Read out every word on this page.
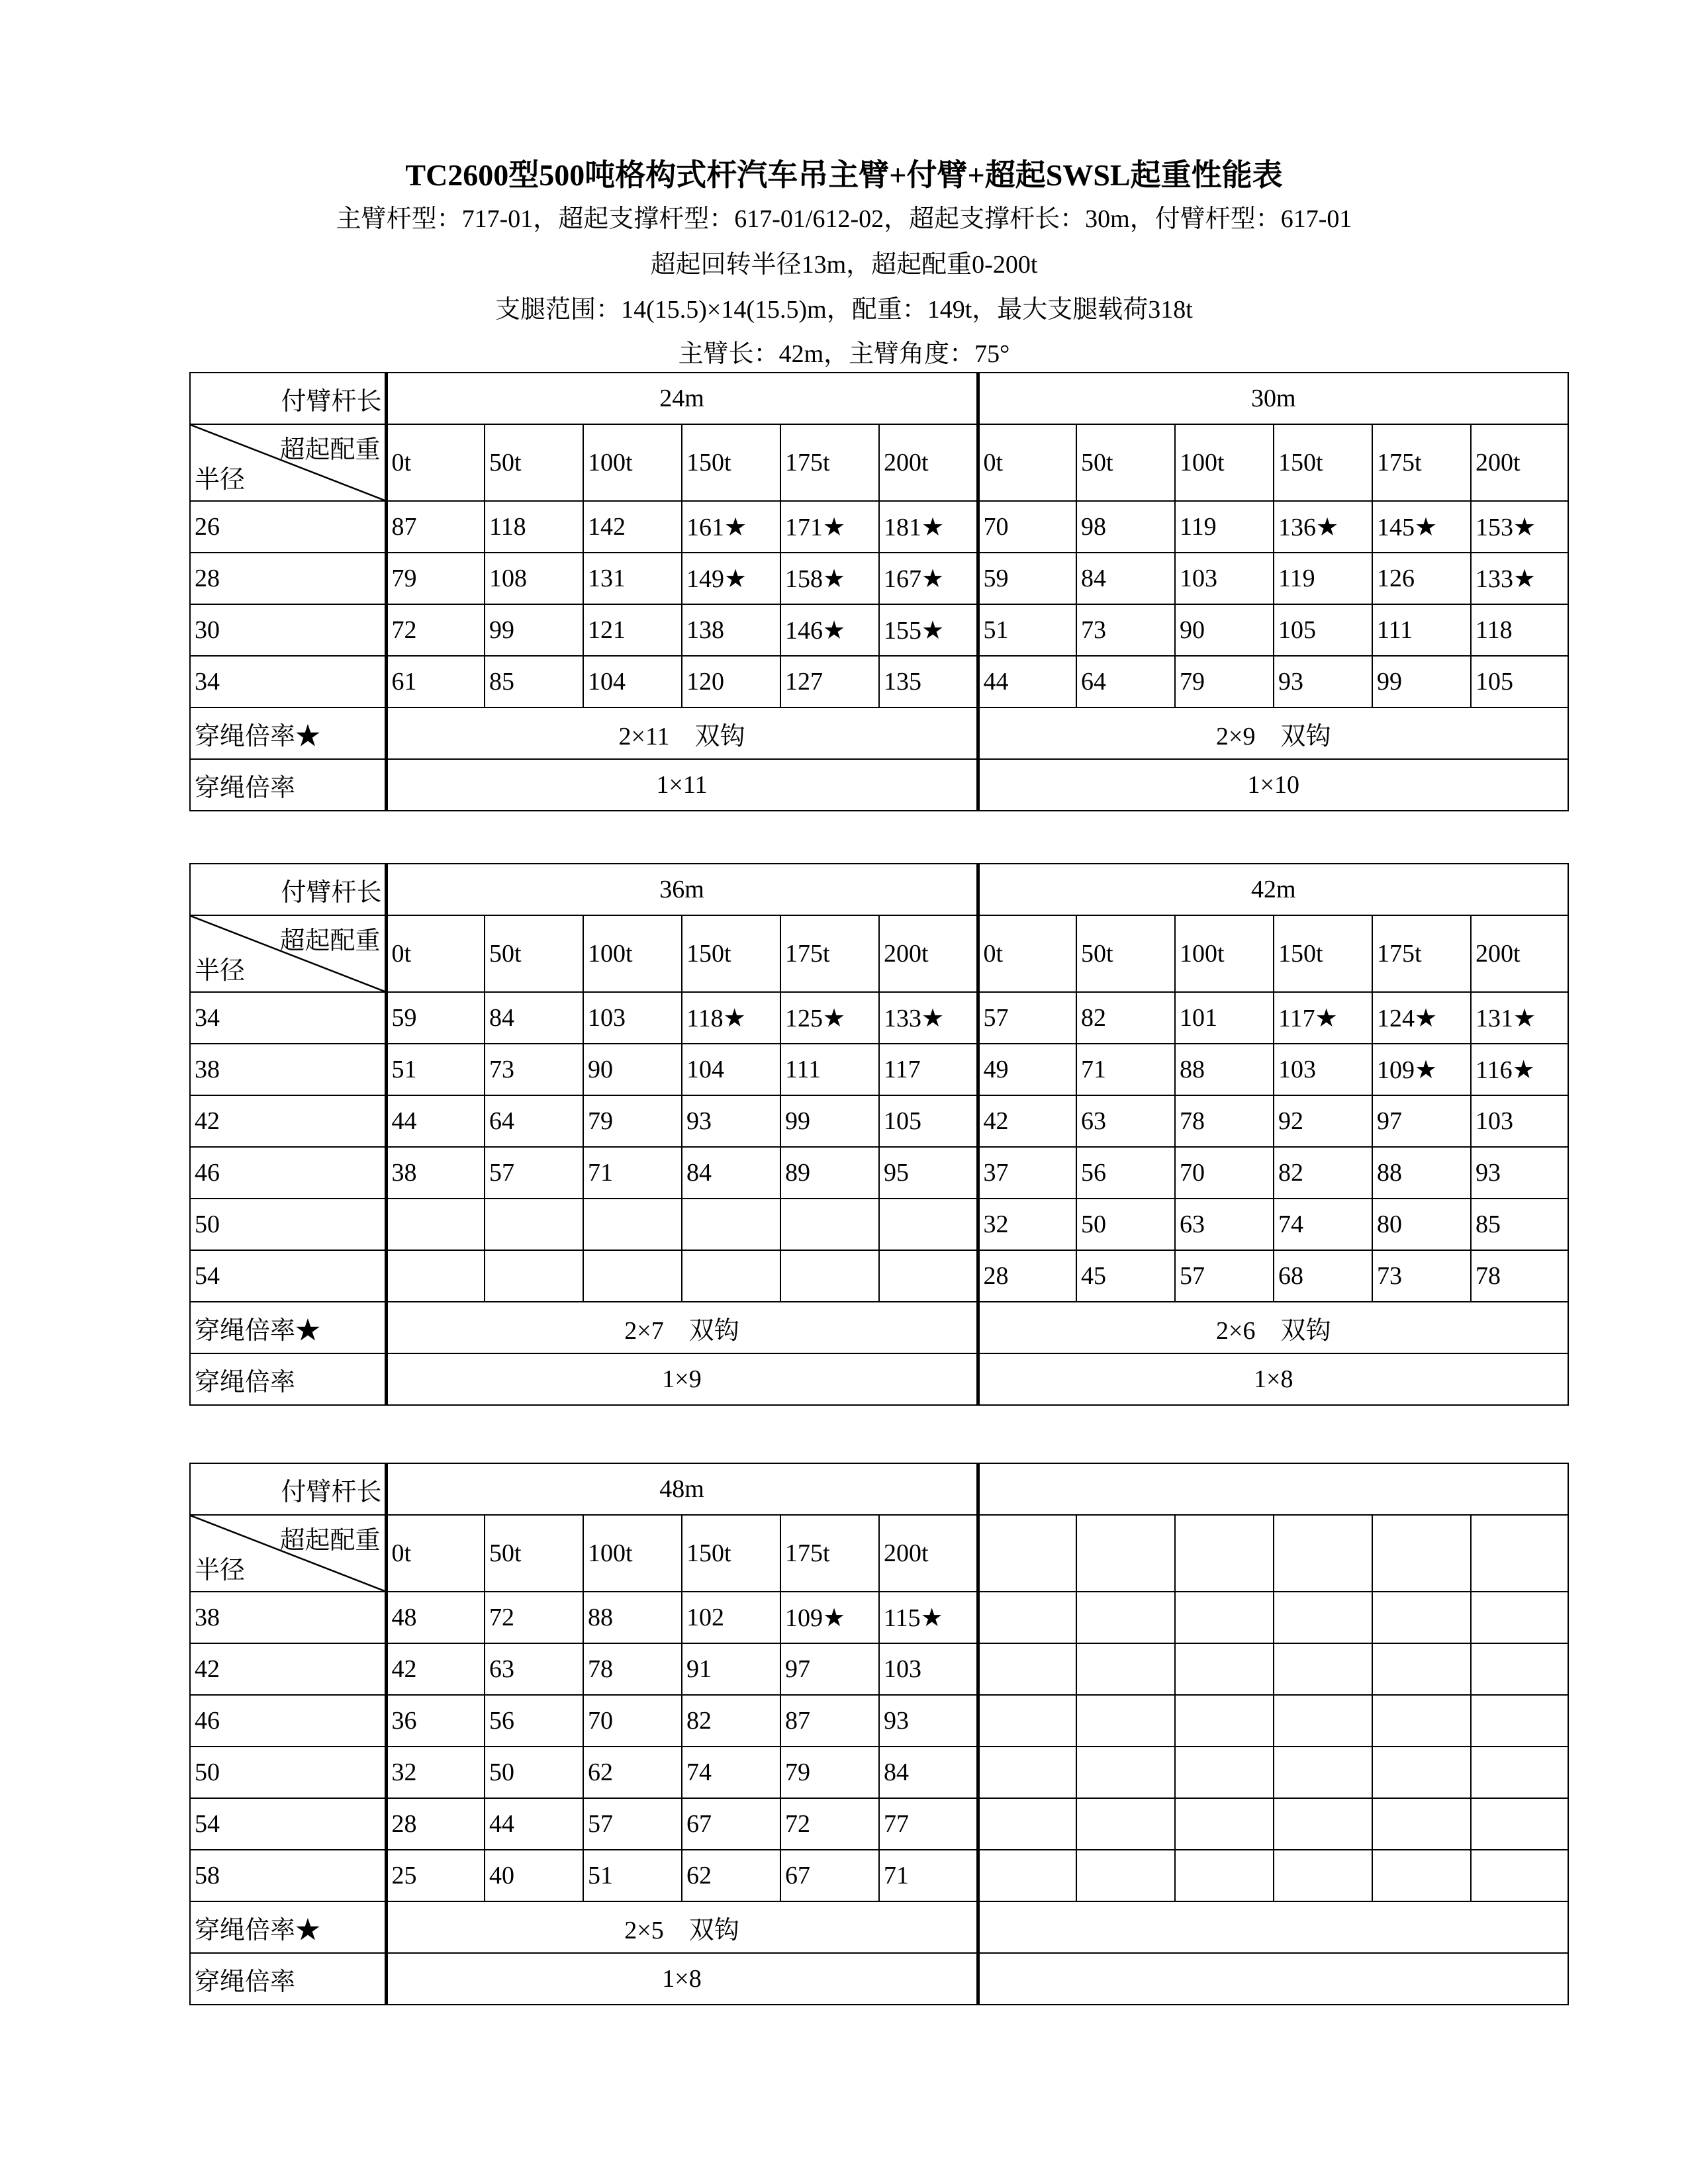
TC2600型500吨格构式杆汽车吊主臂+付臂+超起SWSL起重性能表
主臂杆型：717-01，超起支撑杆型：617-01/612-02，超起支撑杆长：30m，付臂杆型：617-01
超起回转半径13m，超起配重0-200t
支腿范围：14(15.5)×14(15.5)m，配重：149t，最大支腿载荷318t
主臂长：42m，主臂角度：75°
付臂杆长	24m						30m					

超起配重
半径	0t	50t	100t	150t	175t	200t	0t	50t	100t	150t	175t	200t
26	87	118	142	161★	171★	181★	70	98	119	136★	145★	153★
28	79	108	131	149★	158★	167★	59	84	103	119	126	133★
30	72	99	121	138	146★	155★	51	73	90	105	111	118
34	61	85	104	120	127	135	44	64	79	93	99	105
穿绳倍率★	2×11　双钩						2×9　双钩					
穿绳倍率	1×11						1×10					
付臂杆长	36m						42m					

超起配重
半径	0t	50t	100t	150t	175t	200t	0t	50t	100t	150t	175t	200t
34	59	84	103	118★	125★	133★	57	82	101	117★	124★	131★
38	51	73	90	104	111	117	49	71	88	103	109★	116★
42	44	64	79	93	99	105	42	63	78	92	97	103
46	38	57	71	84	89	95	37	56	70	82	88	93
50							32	50	63	74	80	85
54							28	45	57	68	73	78
穿绳倍率★	2×7　双钩						2×6　双钩					
穿绳倍率	1×9						1×8					
付臂杆长	48m											

超起配重
半径	0t	50t	100t	150t	175t	200t						
38	48	72	88	102	109★	115★						
42	42	63	78	91	97	103						
46	36	56	70	82	87	93						
50	32	50	62	74	79	84						
54	28	44	57	67	72	77						
58	25	40	51	62	67	71						
穿绳倍率★	2×5　双钩											
穿绳倍率	1×8											
